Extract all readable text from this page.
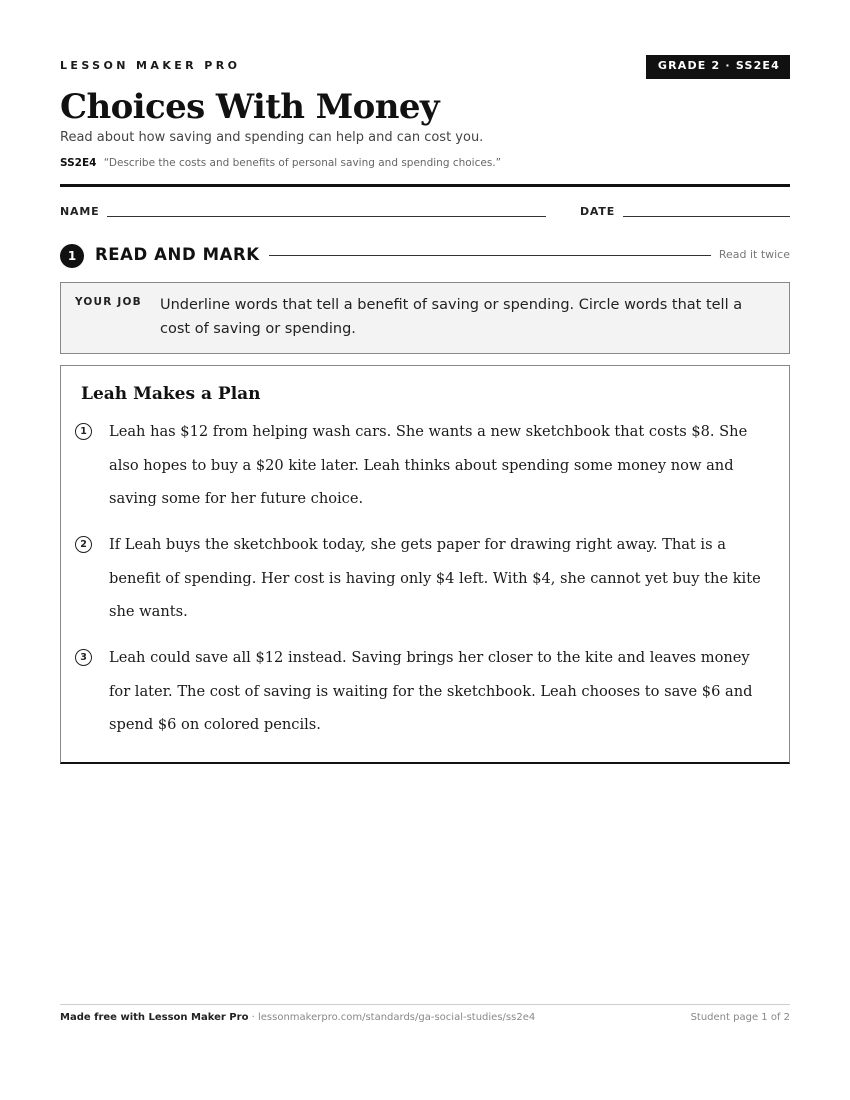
LESSON MAKER PRO	GRADE 2 · SS2E4
Choices With Money
Read about how saving and spending can help and can cost you.
SS2E4 “Describe the costs and benefits of personal saving and spending choices.”
NAME	DATE
1	READ AND MARK	Read it twice
YOUR JOB Underline words that tell a benefit of saving or spending. Circle words that tell a cost of saving or spending.
Leah Makes a Plan
1	Leah has $12 from helping wash cars. She wants a new sketchbook that costs $8. She also hopes to buy a $20 kite later. Leah thinks about spending some money now and saving some for her future choice.
2	If Leah buys the sketchbook today, she gets paper for drawing right away. That is a benefit of spending. Her cost is having only $4 left. With $4, she cannot yet buy the kite she wants.
3	Leah could save all $12 instead. Saving brings her closer to the kite and leaves money for later. The cost of saving is waiting for the sketchbook. Leah chooses to save $6 and spend $6 on colored pencils.
Made free with Lesson Maker Pro · lessonmakerpro.com/standards/ga-social-studies/ss2e4	Student page 1 of 2
